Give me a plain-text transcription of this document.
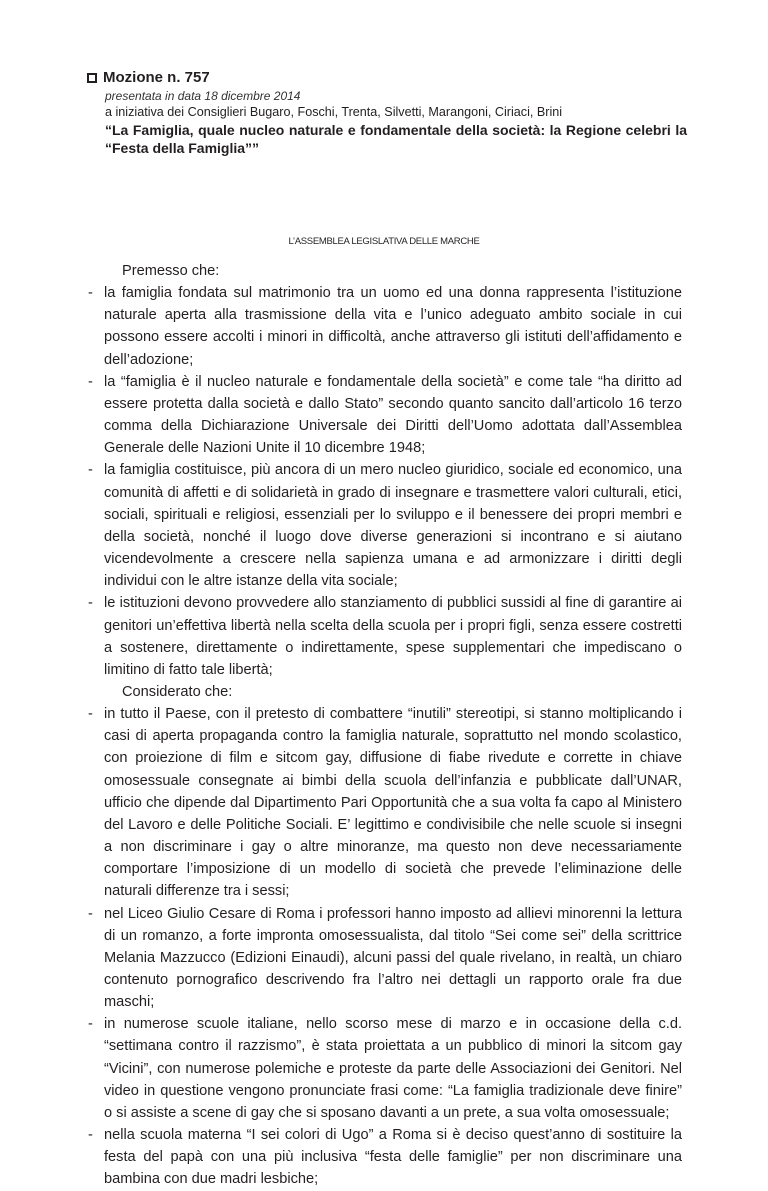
Mozione n. 757
presentata in data 18 dicembre 2014
a iniziativa dei Consiglieri Bugaro, Foschi, Trenta, Silvetti, Marangoni, Ciriaci, Brini
“La Famiglia, quale nucleo naturale e fondamentale della società: la Regione celebri la “Festa della Famiglia””
L’ASSEMBLEA LEGISLATIVA DELLE MARCHE
Premesso che:
- la famiglia fondata sul matrimonio tra un uomo ed una donna rappresenta l’istituzione naturale aperta alla trasmissione della vita e l’unico adeguato ambito sociale in cui possono essere accolti i minori in difficoltà, anche attraverso gli istituti dell’affidamento e dell’adozione;
- la “famiglia è il nucleo naturale e fondamentale della società” e come tale “ha diritto ad essere protetta dalla società e dallo Stato” secondo quanto sancito dall’articolo 16 terzo comma della Dichiarazione Universale dei Diritti dell’Uomo adottata dall’Assemblea Generale delle Nazioni Unite il 10 dicembre 1948;
- la famiglia costituisce, più ancora di un mero nucleo giuridico, sociale ed economico, una comunità di affetti e di solidarietà in grado di insegnare e trasmettere valori culturali, etici, sociali, spirituali e religiosi, essenziali per lo sviluppo e il benessere dei propri membri e della società, nonché il luogo dove diverse generazioni si incontrano e si aiutano vicendevolmente a crescere nella sapienza umana e ad armonizzare i diritti degli individui con le altre istanze della vita sociale;
- le istituzioni devono provvedere allo stanziamento di pubblici sussidi al fine di garantire ai genitori un’effettiva libertà nella scelta della scuola per i propri figli, senza essere costretti a sostenere, direttamente o indirettamente, spese supplementari che impediscano o limitino di fatto tale libertà;
Considerato che:
- in tutto il Paese, con il pretesto di combattere “inutili” stereotipi, si stanno moltiplicando i casi di aperta propaganda contro la famiglia naturale, soprattutto nel mondo scolastico, con proiezione di film e sitcom gay, diffusione di fiabe rivedute e corrette in chiave omosessuale consegnate ai bimbi della scuola dell’infanzia e pubblicate dall’UNAR, ufficio che dipende dal Dipartimento Pari Opportunità che a sua volta fa capo al Ministero del Lavoro e delle Politiche Sociali. E’ legittimo e condivisibile che nelle scuole si insegni a non discriminare i gay o altre minoranze, ma questo non deve necessariamente comportare l’imposizione di un modello di società che prevede l’eliminazione delle naturali differenze tra i sessi;
- nel Liceo Giulio Cesare di Roma i professori hanno imposto ad allievi minorenni la lettura di un romanzo, a forte impronta omosessualista, dal titolo “Sei come sei” della scrittrice Melania Mazzucco (Edizioni Einaudi), alcuni passi del quale rivelano, in realtà, un chiaro contenuto pornografico descrivendo fra l’altro nei dettagli un rapporto orale fra due maschi;
- in numerose scuole italiane, nello scorso mese di marzo e in occasione della c.d. “settimana contro il razzismo”, è stata proiettata a un pubblico di minori la sitcom gay “Vicini”, con numerose polemiche e proteste da parte delle Associazioni dei Genitori. Nel video in questione vengono pronunciate frasi come: “La famiglia tradizionale deve finire” o si assiste a scene di gay che si sposano davanti a un prete, a sua volta omosessuale;
- nella scuola materna “I sei colori di Ugo” a Roma si è deciso quest’anno di sostituire la festa del papà con una più inclusiva “festa delle famiglie” per non discriminare una bambina con due madri lesbiche;
